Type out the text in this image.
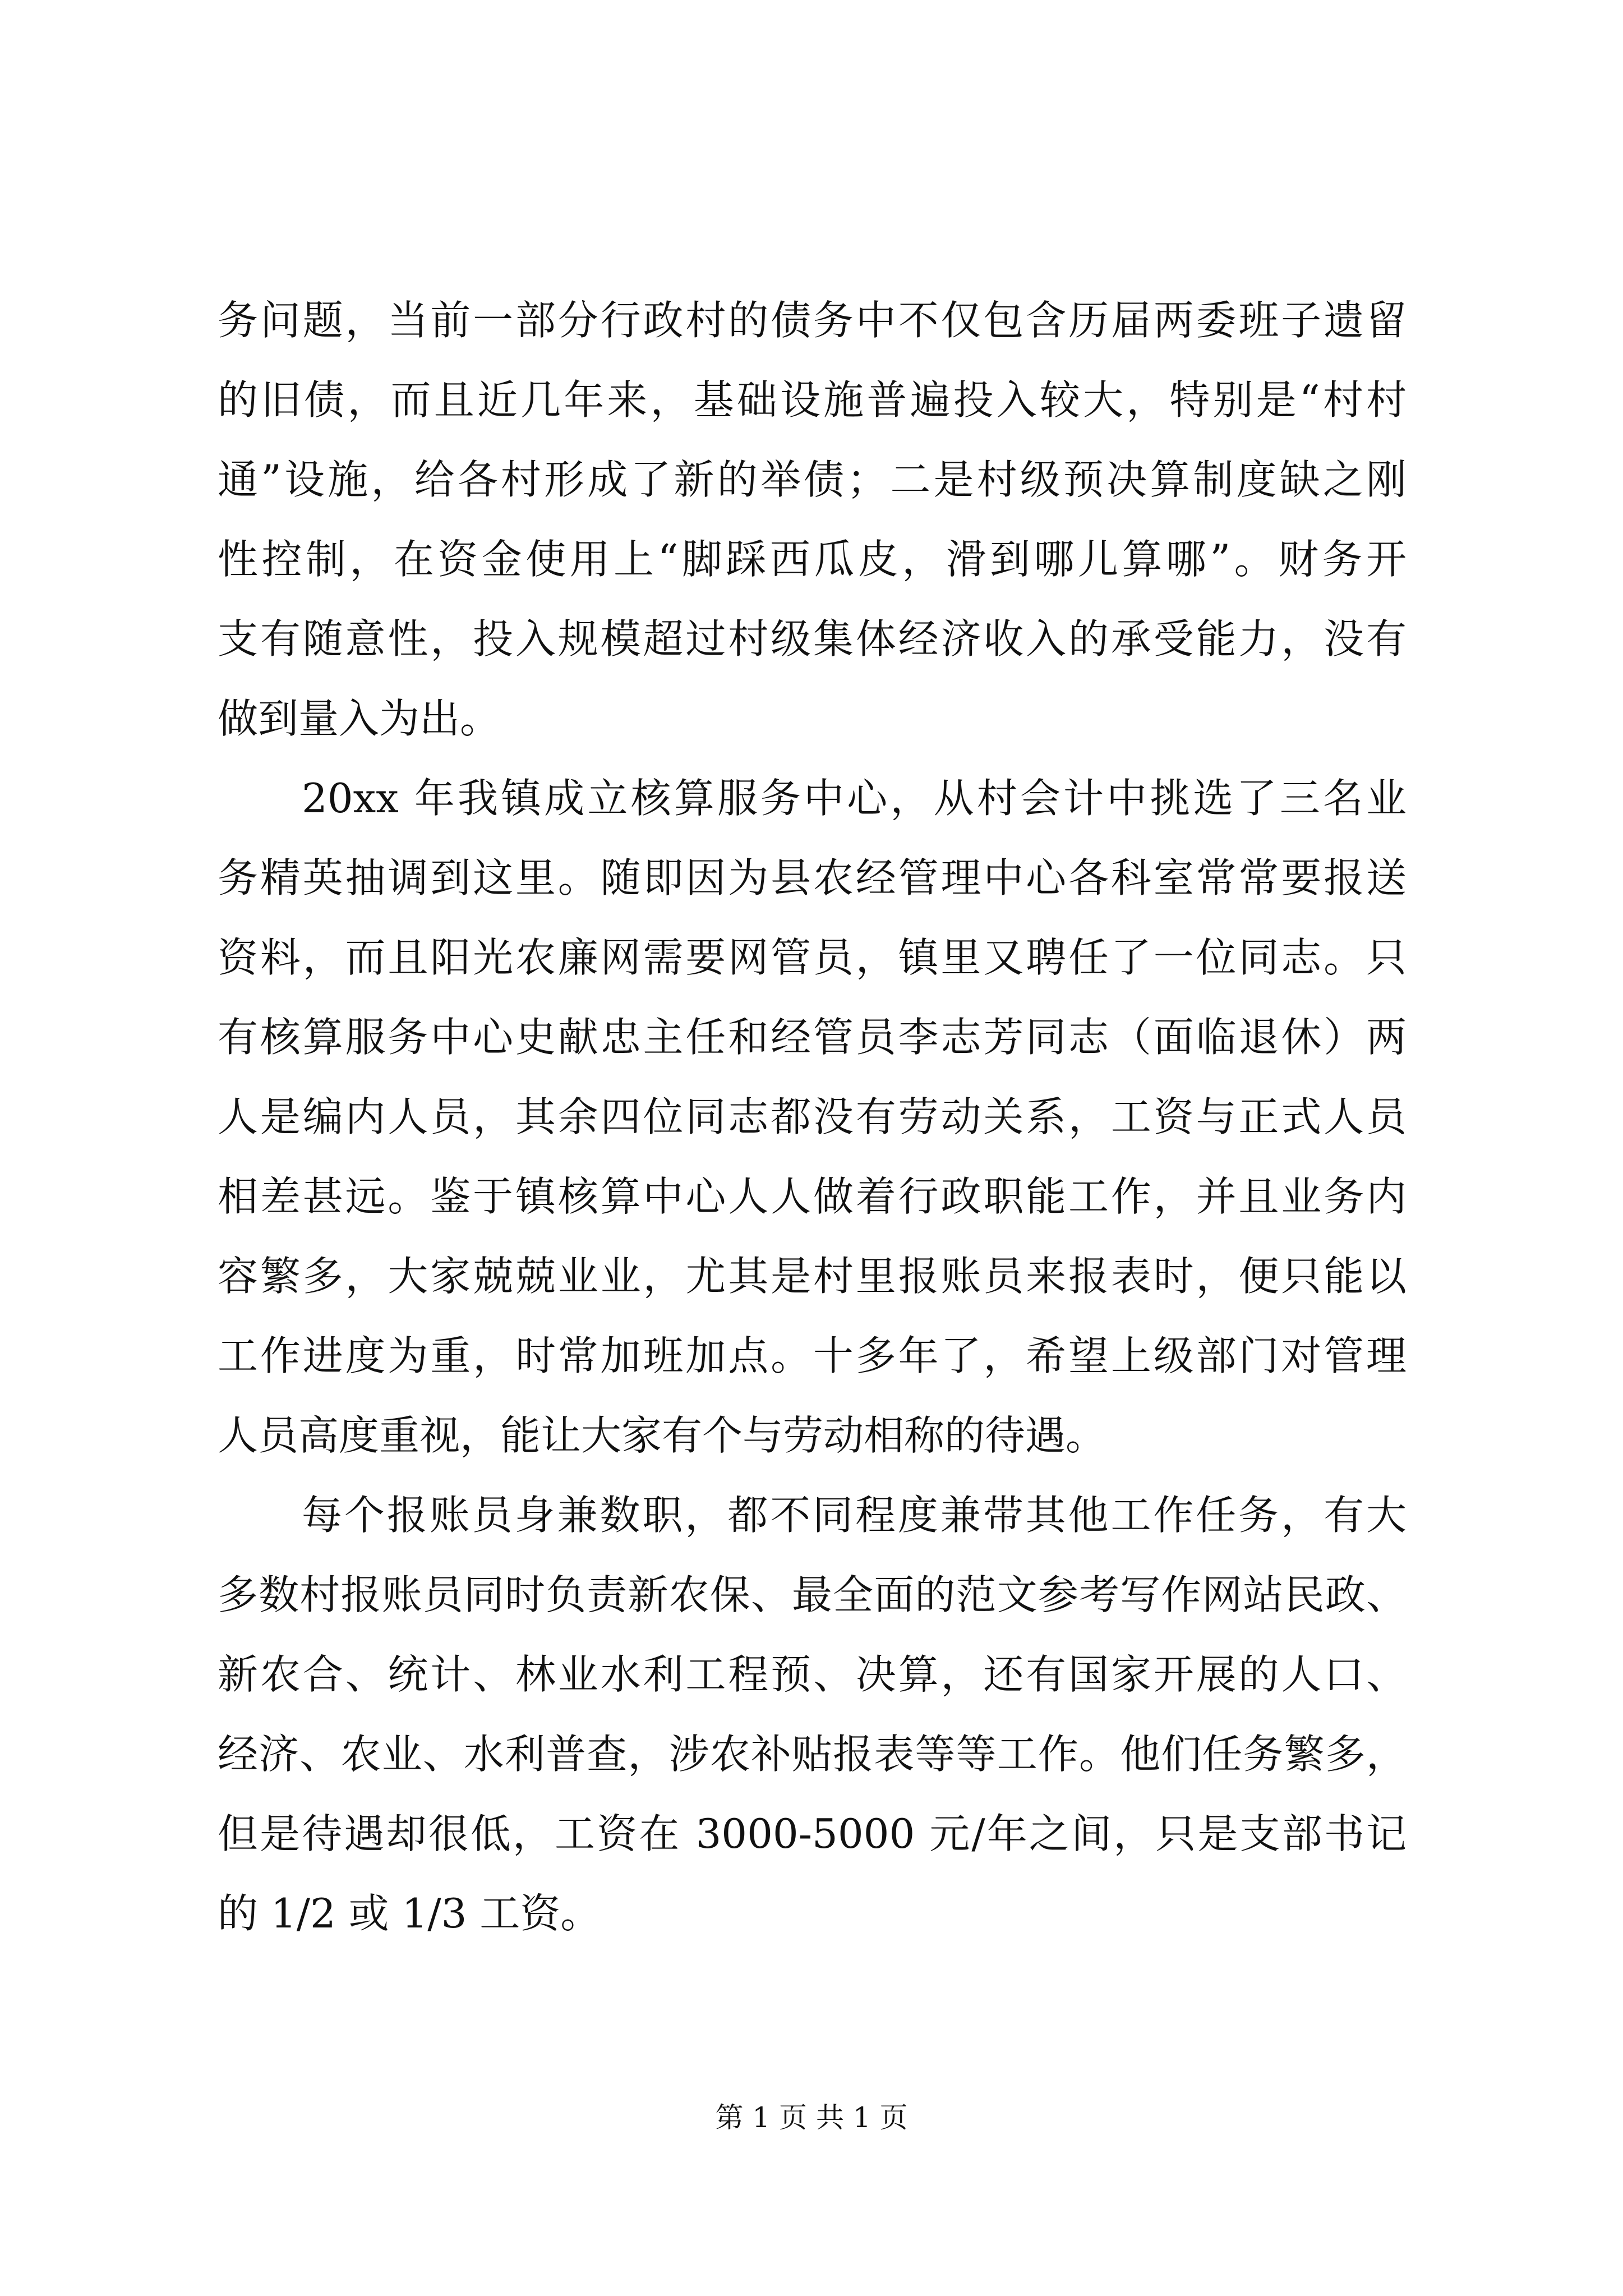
务问题，当前一部分行政村的债务中不仅包含历届两委班子遗留
的旧债，而且近几年来，基础设施普遍投入较大，特别是“村村
通”设施，给各村形成了新的举债；二是村级预决算制度缺之刚
性控制，在资金使用上“脚踩西瓜皮，滑到哪儿算哪”。财务开
支有随意性，投入规模超过村级集体经济收入的承受能力，没有
做到量入为出。
20xx 年我镇成立核算服务中心，从村会计中挑选了三名业
务精英抽调到这里。随即因为县农经管理中心各科室常常要报送
资料，而且阳光农廉网需要网管员，镇里又聘任了一位同志。只
有核算服务中心史献忠主任和经管员李志芳同志（面临退休）两
人是编内人员，其余四位同志都没有劳动关系，工资与正式人员
相差甚远。鉴于镇核算中心人人做着行政职能工作，并且业务内
容繁多，大家兢兢业业，尤其是村里报账员来报表时，便只能以
工作进度为重，时常加班加点。十多年了，希望上级部门对管理
人员高度重视，能让大家有个与劳动相称的待遇。
每个报账员身兼数职，都不同程度兼带其他工作任务，有大
多数村报账员同时负责新农保、最全面的范文参考写作网站民政、
新农合、统计、林业水利工程预、决算，还有国家开展的人口、
经济、农业、水利普查，涉农补贴报表等等工作。他们任务繁多，
但是待遇却很低，工资在 3000-5000 元/年之间，只是支部书记
的 1/2 或 1/3 工资。
第 1 页 共 1 页
